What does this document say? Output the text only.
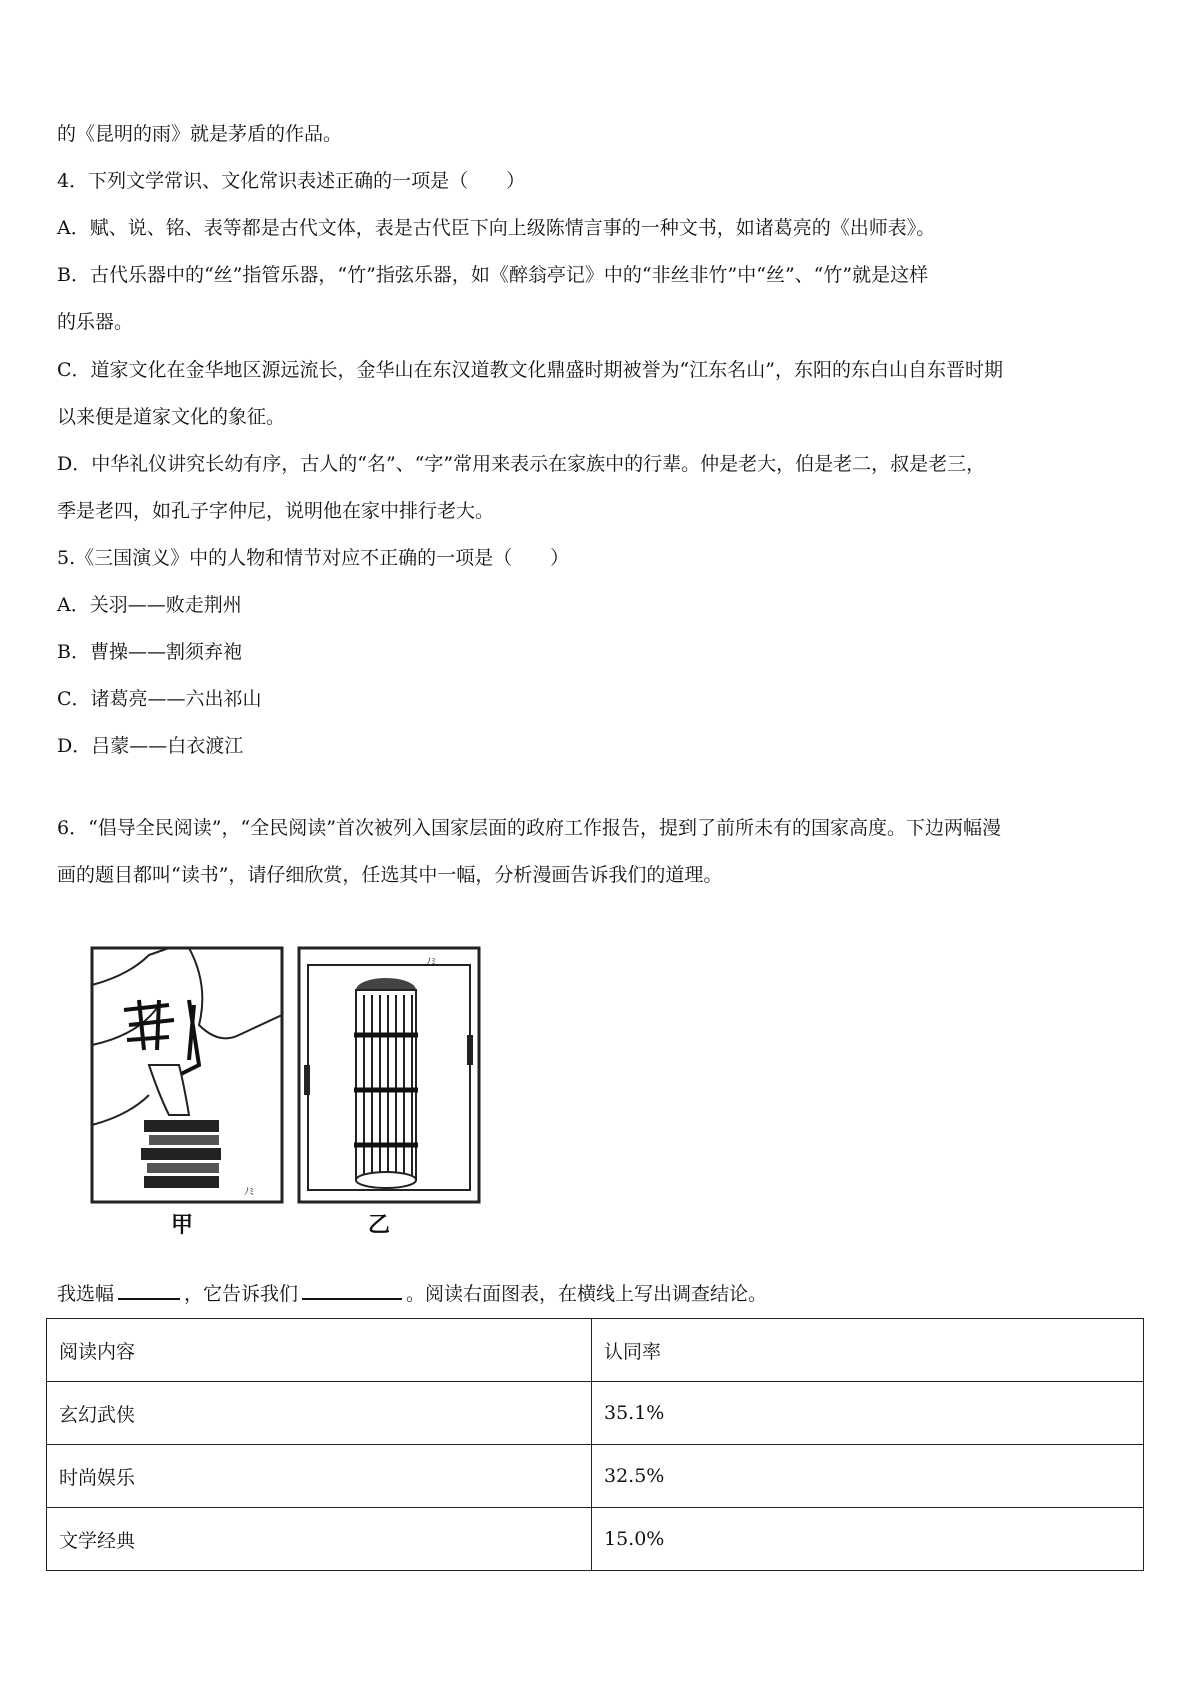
的《昆明的雨》就是茅盾的作品。
4．下列文学常识、文化常识表述正确的一项是（　　）
A．赋、说、铭、表等都是古代文体，表是古代臣下向上级陈情言事的一种文书，如诸葛亮的《出师表》。
B．古代乐器中的“丝”指管乐器，“竹”指弦乐器，如《醉翁亭记》中的“非丝非竹”中“丝”、“竹”就是这样
的乐器。
C．道家文化在金华地区源远流长，金华山在东汉道教文化鼎盛时期被誉为“江东名山”，东阳的东白山自东晋时期
以来便是道家文化的象征。
D．中华礼仪讲究长幼有序，古人的“名”、“字”常用来表示在家族中的行辈。仲是老大，伯是老二，叔是老三，
季是老四，如孔子字仲尼，说明他在家中排行老大。
5.《三国演义》中的人物和情节对应不正确的一项是（　　）
A．关羽——败走荆州
B．曹操——割须弃袍
C．诸葛亮——六出祁山
D．吕蒙——白衣渡江
6．“倡导全民阅读”，“全民阅读”首次被列入国家层面的政府工作报告，提到了前所未有的国家高度。下边两幅漫
画的题目都叫“读书”，请仔细欣赏，任选其中一幅，分析漫画告诉我们的道理。
ﾉﾐ
甲
ﾉﾐ
乙
我选幅	，它告诉我们	。阅读右面图表，在横线上写出调查结论。
阅读内容	认同率
玄幻武侠	35.1%
时尚娱乐	32.5%
文学经典	15.0%
